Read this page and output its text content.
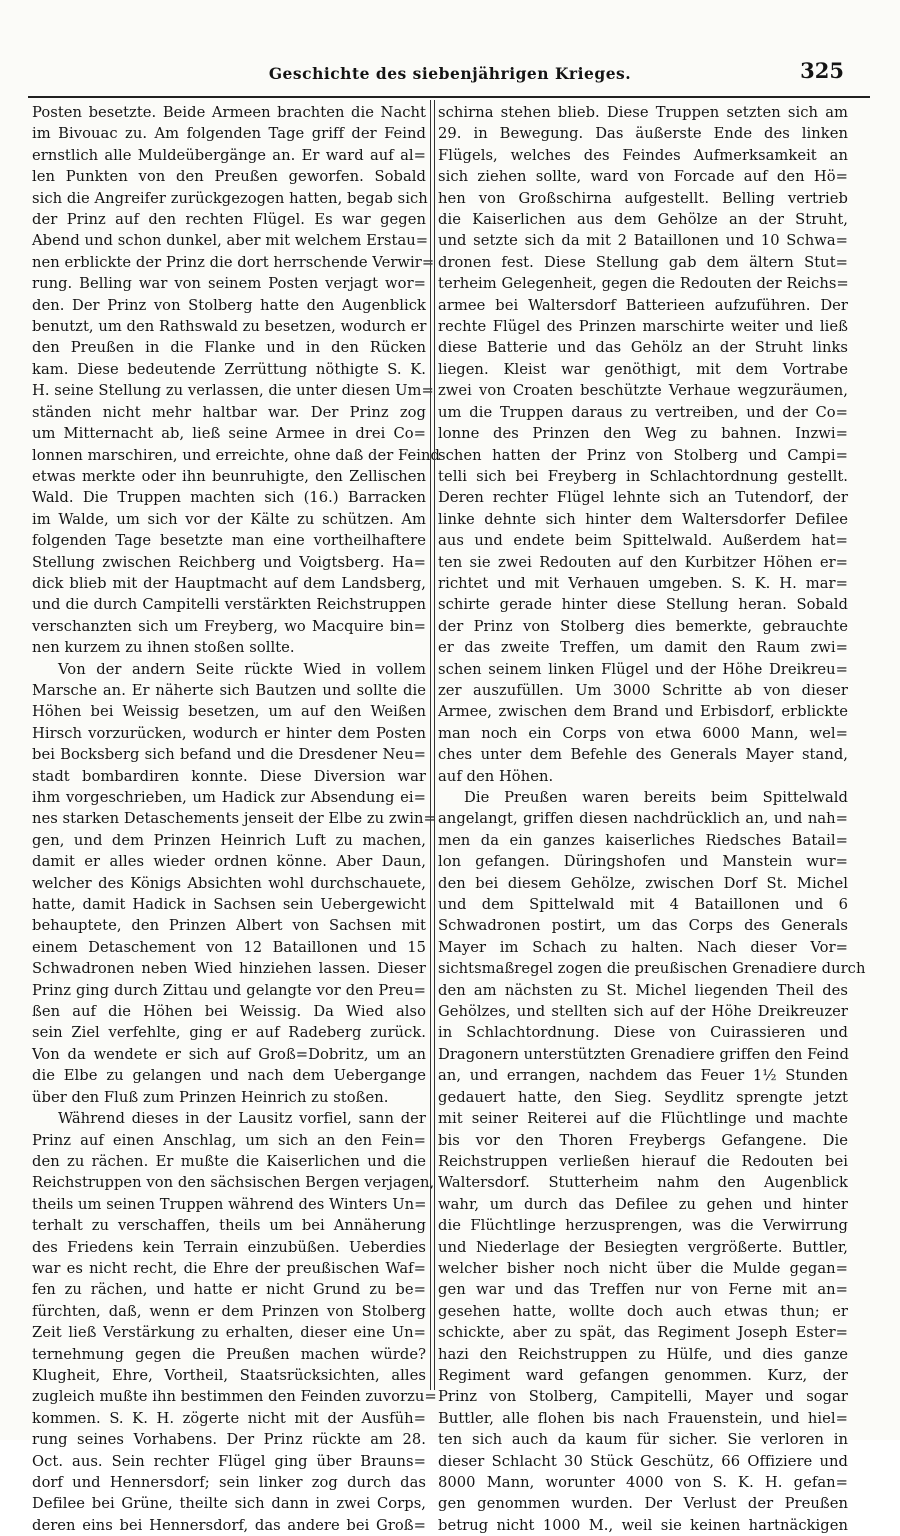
Geschichte des siebenjährigen Krieges.	325
Posten besetzte. Beide Armeen brachten die Nacht
im Bivouac zu. Am folgenden Tage griff der Feind
ernstlich alle Muldeübergänge an. Er ward auf al=
len Punkten von den Preußen geworfen. Sobald
sich die Angreifer zurückgezogen hatten, begab sich
der Prinz auf den rechten Flügel. Es war gegen
Abend und schon dunkel, aber mit welchem Erstau=
nen erblickte der Prinz die dort herrschende Verwir=
rung. Belling war von seinem Posten verjagt wor=
den. Der Prinz von Stolberg hatte den Augenblick
benutzt, um den Rathswald zu besetzen, wodurch er
den Preußen in die Flanke und in den Rücken
kam. Diese bedeutende Zerrüttung nöthigte S. K.
H. seine Stellung zu verlassen, die unter diesen Um=
ständen nicht mehr haltbar war. Der Prinz zog
um Mitternacht ab, ließ seine Armee in drei Co=
lonnen marschiren, und erreichte, ohne daß der Feind
etwas merkte oder ihn beunruhigte, den Zellischen
Wald. Die Truppen machten sich (16.) Barracken
im Walde, um sich vor der Kälte zu schützen. Am
folgenden Tage besetzte man eine vortheilhaftere
Stellung zwischen Reichberg und Voigtsberg. Ha=
dick blieb mit der Hauptmacht auf dem Landsberg,
und die durch Campitelli verstärkten Reichstruppen
verschanzten sich um Freyberg, wo Macquire bin=
nen kurzem zu ihnen stoßen sollte.
Von der andern Seite rückte Wied in vollem
Marsche an. Er näherte sich Bautzen und sollte die
Höhen bei Weissig besetzen, um auf den Weißen
Hirsch vorzurücken, wodurch er hinter dem Posten
bei Bocksberg sich befand und die Dresdener Neu=
stadt bombardiren konnte. Diese Diversion war
ihm vorgeschrieben, um Hadick zur Absendung ei=
nes starken Detaschements jenseit der Elbe zu zwin=
gen, und dem Prinzen Heinrich Luft zu machen,
damit er alles wieder ordnen könne. Aber Daun,
welcher des Königs Absichten wohl durchschauete,
hatte, damit Hadick in Sachsen sein Uebergewicht
behauptete, den Prinzen Albert von Sachsen mit
einem Detaschement von 12 Bataillonen und 15
Schwadronen neben Wied hinziehen lassen. Dieser
Prinz ging durch Zittau und gelangte vor den Preu=
ßen auf die Höhen bei Weissig. Da Wied also
sein Ziel verfehlte, ging er auf Radeberg zurück.
Von da wendete er sich auf Groß=Dobritz, um an
die Elbe zu gelangen und nach dem Uebergange
über den Fluß zum Prinzen Heinrich zu stoßen.
Während dieses in der Lausitz vorfiel, sann der
Prinz auf einen Anschlag, um sich an den Fein=
den zu rächen. Er mußte die Kaiserlichen und die
Reichstruppen von den sächsischen Bergen verjagen,
theils um seinen Truppen während des Winters Un=
terhalt zu verschaffen, theils um bei Annäherung
des Friedens kein Terrain einzubüßen. Ueberdies
war es nicht recht, die Ehre der preußischen Waf=
fen zu rächen, und hatte er nicht Grund zu be=
fürchten, daß, wenn er dem Prinzen von Stolberg
Zeit ließ Verstärkung zu erhalten, dieser eine Un=
ternehmung gegen die Preußen machen würde?
Klugheit, Ehre, Vortheil, Staatsrücksichten, alles
zugleich mußte ihn bestimmen den Feinden zuvorzu=
kommen. S. K. H. zögerte nicht mit der Ausfüh=
rung seines Vorhabens. Der Prinz rückte am 28.
Oct. aus. Sein rechter Flügel ging über Brauns=
dorf und Hennersdorf; sein linker zog durch das
Defilee bei Grüne, theilte sich dann in zwei Corps,
deren eins bei Hennersdorf, das andere bei Groß=
schirna stehen blieb. Diese Truppen setzten sich am
29. in Bewegung. Das äußerste Ende des linken
Flügels, welches des Feindes Aufmerksamkeit an
sich ziehen sollte, ward von Forcade auf den Hö=
hen von Großschirna aufgestellt. Belling vertrieb
die Kaiserlichen aus dem Gehölze an der Struht,
und setzte sich da mit 2 Bataillonen und 10 Schwa=
dronen fest. Diese Stellung gab dem ältern Stut=
terheim Gelegenheit, gegen die Redouten der Reichs=
armee bei Waltersdorf Batterieen aufzuführen. Der
rechte Flügel des Prinzen marschirte weiter und ließ
diese Batterie und das Gehölz an der Struht links
liegen. Kleist war genöthigt, mit dem Vortrabe
zwei von Croaten beschützte Verhaue wegzuräumen,
um die Truppen daraus zu vertreiben, und der Co=
lonne des Prinzen den Weg zu bahnen. Inzwi=
schen hatten der Prinz von Stolberg und Campi=
telli sich bei Freyberg in Schlachtordnung gestellt.
Deren rechter Flügel lehnte sich an Tutendorf, der
linke dehnte sich hinter dem Waltersdorfer Defilee
aus und endete beim Spittelwald. Außerdem hat=
ten sie zwei Redouten auf den Kurbitzer Höhen er=
richtet und mit Verhauen umgeben. S. K. H. mar=
schirte gerade hinter diese Stellung heran. Sobald
der Prinz von Stolberg dies bemerkte, gebrauchte
er das zweite Treffen, um damit den Raum zwi=
schen seinem linken Flügel und der Höhe Dreikreu=
zer auszufüllen. Um 3000 Schritte ab von dieser
Armee, zwischen dem Brand und Erbisdorf, erblickte
man noch ein Corps von etwa 6000 Mann, wel=
ches unter dem Befehle des Generals Mayer stand,
auf den Höhen.
Die Preußen waren bereits beim Spittelwald
angelangt, griffen diesen nachdrücklich an, und nah=
men da ein ganzes kaiserliches Riedsches Batail=
lon gefangen. Düringshofen und Manstein wur=
den bei diesem Gehölze, zwischen Dorf St. Michel
und dem Spittelwald mit 4 Bataillonen und 6
Schwadronen postirt, um das Corps des Generals
Mayer im Schach zu halten. Nach dieser Vor=
sichtsmaßregel zogen die preußischen Grenadiere durch
den am nächsten zu St. Michel liegenden Theil des
Gehölzes, und stellten sich auf der Höhe Dreikreuzer
in Schlachtordnung. Diese von Cuirassieren und
Dragonern unterstützten Grenadiere griffen den Feind
an, und errangen, nachdem das Feuer 1½ Stunden
gedauert hatte, den Sieg. Seydlitz sprengte jetzt
mit seiner Reiterei auf die Flüchtlinge und machte
bis vor den Thoren Freybergs Gefangene. Die
Reichstruppen verließen hierauf die Redouten bei
Waltersdorf. Stutterheim nahm den Augenblick
wahr, um durch das Defilee zu gehen und hinter
die Flüchtlinge herzusprengen, was die Verwirrung
und Niederlage der Besiegten vergrößerte. Buttler,
welcher bisher noch nicht über die Mulde gegan=
gen war und das Treffen nur von Ferne mit an=
gesehen hatte, wollte doch auch etwas thun; er
schickte, aber zu spät, das Regiment Joseph Ester=
hazi den Reichstruppen zu Hülfe, und dies ganze
Regiment ward gefangen genommen. Kurz, der
Prinz von Stolberg, Campitelli, Mayer und sogar
Buttler, alle flohen bis nach Frauenstein, und hiel=
ten sich auch da kaum für sicher. Sie verloren in
dieser Schlacht 30 Stück Geschütz, 66 Offiziere und
8000 Mann, worunter 4000 von S. K. H. gefan=
gen genommen wurden. Der Verlust der Preußen
betrug nicht 1000 M., weil sie keinen hartnäckigen
